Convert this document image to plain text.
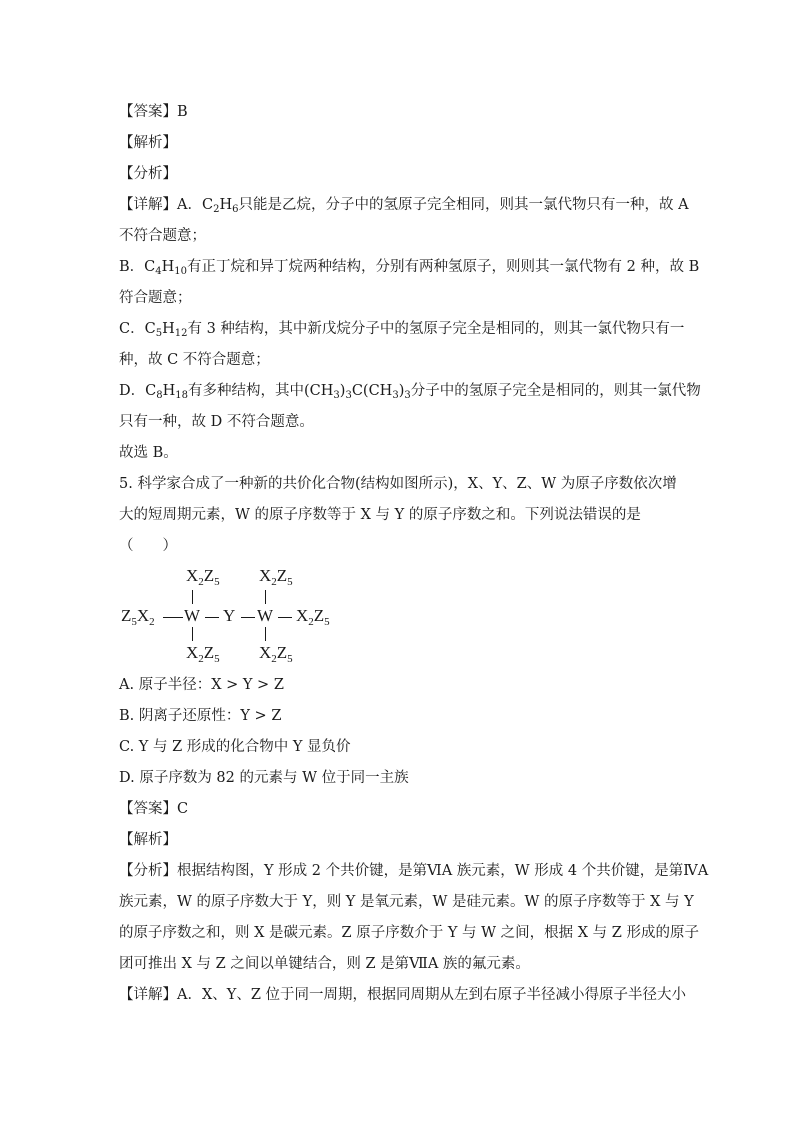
【答案】B
【解析】
【分析】
【详解】A．$C_2H_6$只能是乙烷，分子中的氢原子完全相同，则其一氯代物只有一种，故 A
不符合题意；
B．$C_4H_{10}$有正丁烷和异丁烷两种结构，分别有两种氢原子，则则其一氯代物有 2 种，故 B
符合题意；
C．$C_5H_{12}$有 3 种结构，其中新戊烷分子中的氢原子完全是相同的，则其一氯代物只有一
种，故 C 不符合题意；
D．$C_8H_{18}$有多种结构，其中$(CH_3)_3C(CH_3)_3$分子中的氢原子完全是相同的，则其一氯代物
只有一种，故 D 不符合题意。
故选 B。
5. 科学家合成了一种新的共价化合物(结构如图所示)，X、Y、Z、W 为原子序数依次增
大的短周期元素，W 的原子序数等于 X 与 Y 的原子序数之和。下列说法错误的是
（　　）
$X_2Z_5$ $X_2Z_5$
$Z_5X_2$ W Y W $X_2Z_5$
$X_2Z_5$ $X_2Z_5$
A. 原子半径：X > Y > Z
B. 阴离子还原性：Y > Z
C. Y 与 Z 形成的化合物中 Y 显负价
D. 原子序数为 82 的元素与 W 位于同一主族
【答案】C
【解析】
【分析】根据结构图，Y 形成 2 个共价键，是第ⅥA 族元素，W 形成 4 个共价键，是第ⅣA
族元素，W 的原子序数大于 Y，则 Y 是氧元素，W 是硅元素。W 的原子序数等于 X 与 Y
的原子序数之和，则 X 是碳元素。Z 原子序数介于 Y 与 W 之间，根据 X 与 Z 形成的原子
团可推出 X 与 Z 之间以单键结合，则 Z 是第ⅦA 族的氟元素。
【详解】A．X、Y、Z 位于同一周期，根据同周期从左到右原子半径减小得原子半径大小
